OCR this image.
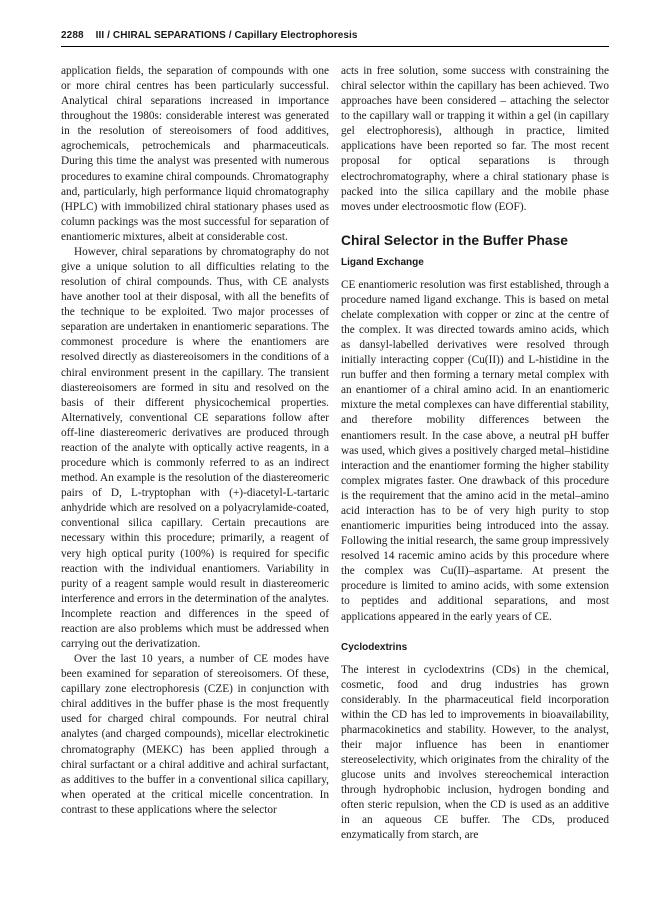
2288 III / CHIRAL SEPARATIONS / Capillary Electrophoresis

application fields, the separation of compounds with one or more chiral centres has been particularly successful. Analytical chiral separations increased in importance throughout the 1980s: considerable interest was generated in the resolution of stereoisomers of food additives, agrochemicals, petrochemicals and pharmaceuticals. During this time the analyst was presented with numerous procedures to examine chiral compounds. Chromatography and, particularly, high performance liquid chromatography (HPLC) with immobilized chiral stationary phases used as column packings was the most successful for separation of enantiomeric mixtures, albeit at considerable cost.

However, chiral separations by chromatography do not give a unique solution to all difficulties relating to the resolution of chiral compounds. Thus, with CE analysts have another tool at their disposal, with all the benefits of the technique to be exploited. Two major processes of separation are undertaken in enantiomeric separations. The commonest procedure is where the enantiomers are resolved directly as diastereoisomers in the conditions of a chiral environment present in the capillary. The transient diastereoisomers are formed in situ and resolved on the basis of their different physicochemical properties. Alternatively, conventional CE separations follow after off-line diastereomeric derivatives are produced through reaction of the analyte with optically active reagents, in a procedure which is commonly referred to as an indirect method. An example is the resolution of the diastereomeric pairs of D, L-tryptophan with (+)-diacetyl-L-tartaric anhydride which are resolved on a polyacrylamide-coated, conventional silica capillary. Certain precautions are necessary within this procedure; primarily, a reagent of very high optical purity (100%) is required for specific reaction with the individual enantiomers. Variability in purity of a reagent sample would result in diastereomeric interference and errors in the determination of the analytes. Incomplete reaction and differences in the speed of reaction are also problems which must be addressed when carrying out the derivatization.

Over the last 10 years, a number of CE modes have been examined for separation of stereoisomers. Of these, capillary zone electrophoresis (CZE) in conjunction with chiral additives in the buffer phase is the most frequently used for charged chiral compounds. For neutral chiral analytes (and charged compounds), micellar electrokinetic chromatography (MEKC) has been applied through a chiral surfactant or a chiral additive and achiral surfactant, as additives to the buffer in a conventional silica capillary, when operated at the critical micelle concentration. In contrast to these applications where the selector

acts in free solution, some success with constraining the chiral selector within the capillary has been achieved. Two approaches have been considered – attaching the selector to the capillary wall or trapping it within a gel (in capillary gel electrophoresis), although in practice, limited applications have been reported so far. The most recent proposal for optical separations is through electrochromatography, where a chiral stationary phase is packed into the silica capillary and the mobile phase moves under electroosmotic flow (EOF).

Chiral Selector in the Buffer Phase
Ligand Exchange

CE enantiomeric resolution was first established, through a procedure named ligand exchange. This is based on metal chelate complexation with copper or zinc at the centre of the complex. It was directed towards amino acids, which as dansyl-labelled derivatives were resolved through initially interacting copper (Cu(II)) and L-histidine in the run buffer and then forming a ternary metal complex with an enantiomer of a chiral amino acid. In an enantiomeric mixture the metal complexes can have differential stability, and therefore mobility differences between the enantiomers result. In the case above, a neutral pH buffer was used, which gives a positively charged metal–histidine interaction and the enantiomer forming the higher stability complex migrates faster. One drawback of this procedure is the requirement that the amino acid in the metal–amino acid interaction has to be of very high purity to stop enantiomeric impurities being introduced into the assay. Following the initial research, the same group impressively resolved 14 racemic amino acids by this procedure where the complex was Cu(II)–aspartame. At present the procedure is limited to amino acids, with some extension to peptides and additional separations, and most applications appeared in the early years of CE.

Cyclodextrins

The interest in cyclodextrins (CDs) in the chemical, cosmetic, food and drug industries has grown considerably. In the pharmaceutical field incorporation within the CD has led to improvements in bioavailability, pharmacokinetics and stability. However, to the analyst, their major influence has been in enantiomer stereoselectivity, which originates from the chirality of the glucose units and involves stereochemical interaction through hydrophobic inclusion, hydrogen bonding and often steric repulsion, when the CD is used as an additive in an aqueous CE buffer. The CDs, produced enzymatically from starch, are
